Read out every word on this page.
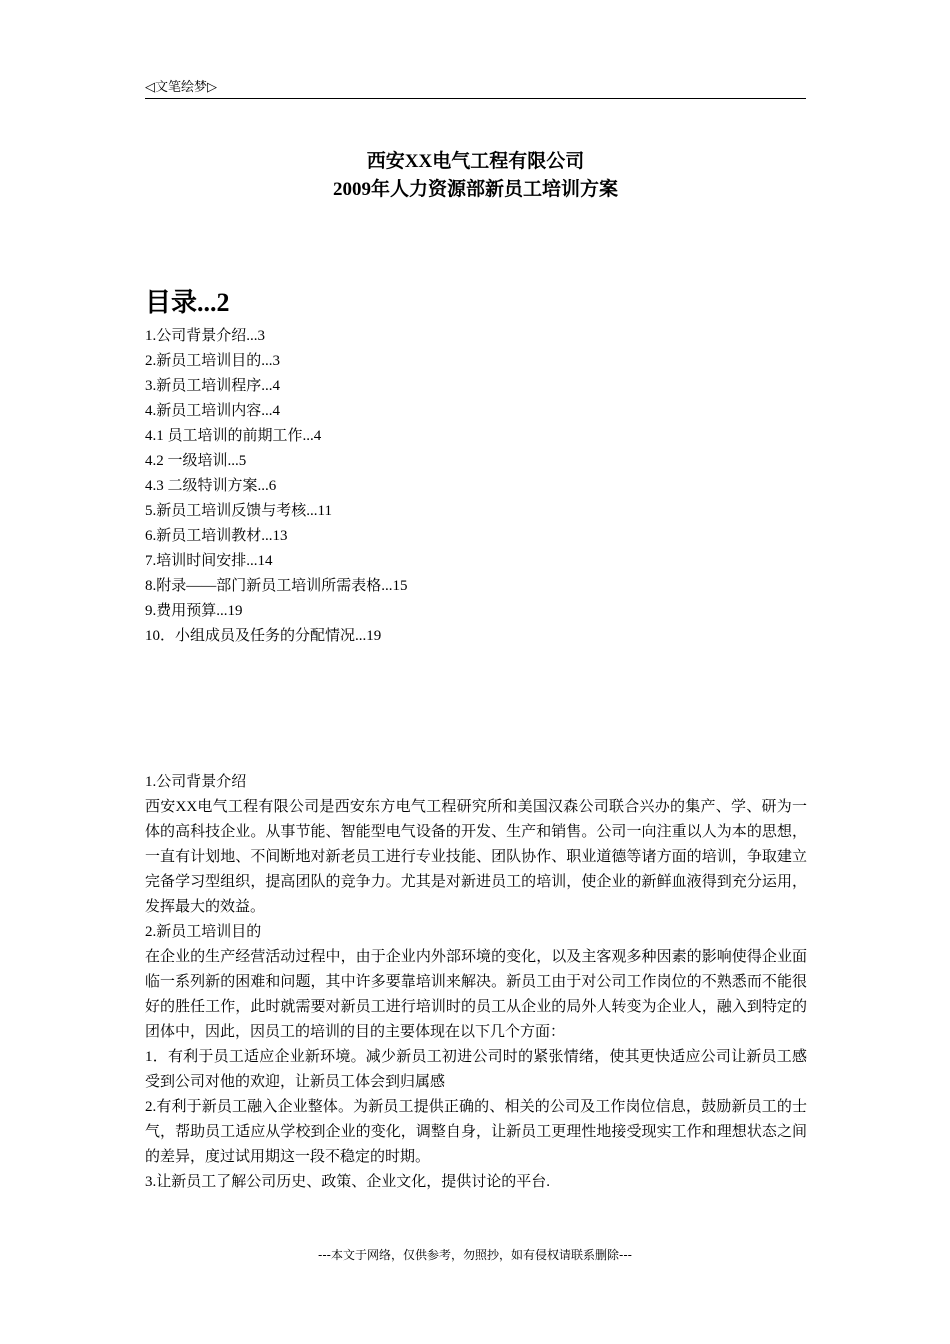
◁文笔绘梦▷
西安XX电气工程有限公司
2009年人力资源部新员工培训方案
目录...2
1.公司背景介绍...3
2.新员工培训目的...3
3.新员工培训程序...4
4.新员工培训内容...4
4.1 员工培训的前期工作...4
4.2 一级培训...5
4.3 二级特训方案...6
5.新员工培训反馈与考核...11
6.新员工培训教材...13
7.培训时间安排...14
8.附录——部门新员工培训所需表格...15
9.费用预算...19
10．小组成员及任务的分配情况...19

1.公司背景介绍

西安XX电气工程有限公司是西安东方电气工程研究所和美国汉森公司联合兴办的集产、学、研为一体的高科技企业。从事节能、智能型电气设备的开发、生产和销售。公司一向注重以人为本的思想，一直有计划地、不间断地对新老员工进行专业技能、团队协作、职业道德等诸方面的培训，争取建立完备学习型组织，提高团队的竞争力。尤其是对新进员工的培训，使企业的新鲜血液得到充分运用，发挥最大的效益。

2.新员工培训目的

在企业的生产经营活动过程中，由于企业内外部环境的变化，以及主客观多种因素的影响使得企业面临一系列新的困难和问题，其中许多要靠培训来解决。新员工由于对公司工作岗位的不熟悉而不能很好的胜任工作，此时就需要对新员工进行培训时的员工从企业的局外人转变为企业人，融入到特定的团体中，因此，因员工的培训的目的主要体现在以下几个方面：

1．有利于员工适应企业新环境。减少新员工初进公司时的紧张情绪，使其更快适应公司让新员工感受到公司对他的欢迎，让新员工体会到归属感

2.有利于新员工融入企业整体。为新员工提供正确的、相关的公司及工作岗位信息，鼓励新员工的士气，帮助员工适应从学校到企业的变化，调整自身，让新员工更理性地接受现实工作和理想状态之间的差异，度过试用期这一段不稳定的时期。

3.让新员工了解公司历史、政策、企业文化，提供讨论的平台.

---本文于网络，仅供参考，勿照抄，如有侵权请联系删除---
